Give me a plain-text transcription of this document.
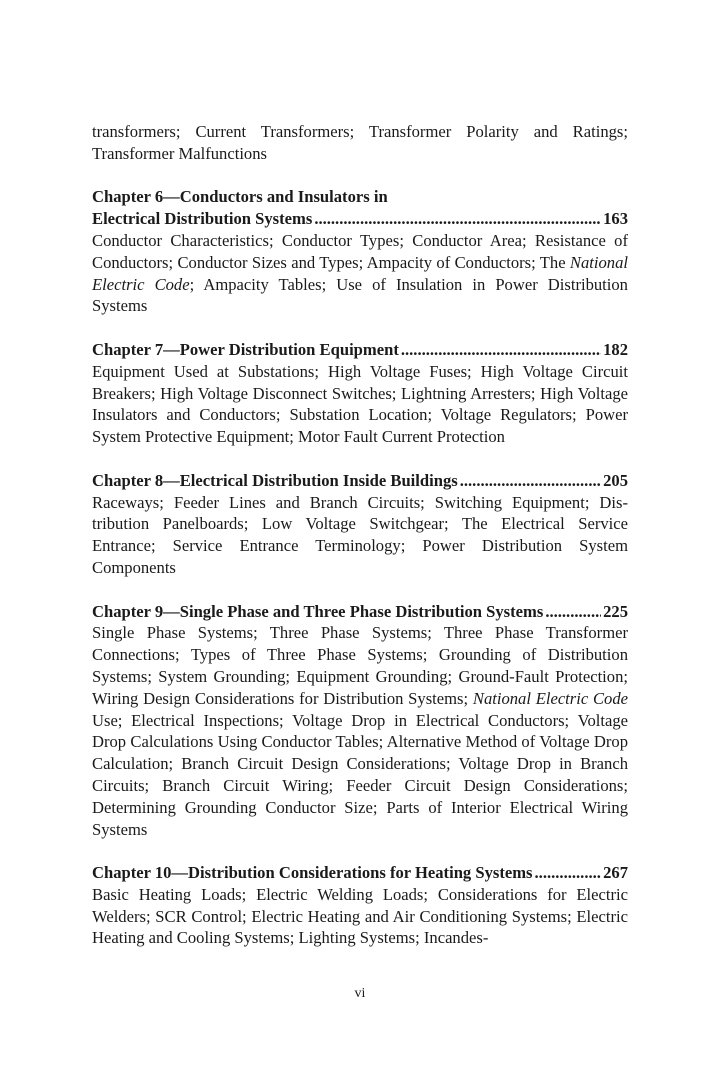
transformers; Current Transformers; Transformer Polarity and Ratings; Transformer Malfunctions

Chapter 6—Conductors and Insulators in

Electrical Distribution Systems .....	163

Conductor Characteristics; Conductor Types; Conductor Area; Resistance of Conductors; Conductor Sizes and Types; Ampacity of Conductors; The National Electric Code; Ampacity Tables; Use of Insulation in Power Distribution Systems

Chapter 7—Power Distribution Equipment .....	182

Equipment Used at Substations; High Voltage Fuses; High Voltage Circuit Breakers; High Voltage Disconnect Switches; Lightning Arresters; High Voltage Insulators and Conductors; Substation Location; Voltage Regulators; Power System Protective Equipment; Motor Fault Current Protection

Chapter 8—Electrical Distribution Inside Buildings .....	205

Raceways; Feeder Lines and Branch Circuits; Switching Equipment; Distribution Panelboards; Low Voltage Switchgear; The Electrical Service Entrance; Service Entrance Terminology; Power Distribution System Components

Chapter 9—Single Phase and Three Phase Distribution Systems .....	225

Single Phase Systems; Three Phase Systems; Three Phase Transformer Connections; Types of Three Phase Systems; Grounding of Distribution Systems; System Grounding; Equipment Grounding; Ground-Fault Protection; Wiring Design Considerations for Distribution Systems; National Electric Code Use; Electrical Inspections; Voltage Drop in Electrical Conductors; Voltage Drop Calculations Using Conductor Tables; Alternative Method of Voltage Drop Calculation; Branch Circuit Design Considerations; Voltage Drop in Branch Circuits; Branch Circuit Wiring; Feeder Circuit Design Considerations; Determining Grounding Conductor Size; Parts of Interior Electrical Wiring Systems

Chapter 10—Distribution Considerations for Heating Systems .....	267

Basic Heating Loads; Electric Welding Loads; Considerations for Electric Welders; SCR Control; Electric Heating and Air Conditioning Systems; Electric Heating and Cooling Systems; Lighting Systems; Incandes-

vi
